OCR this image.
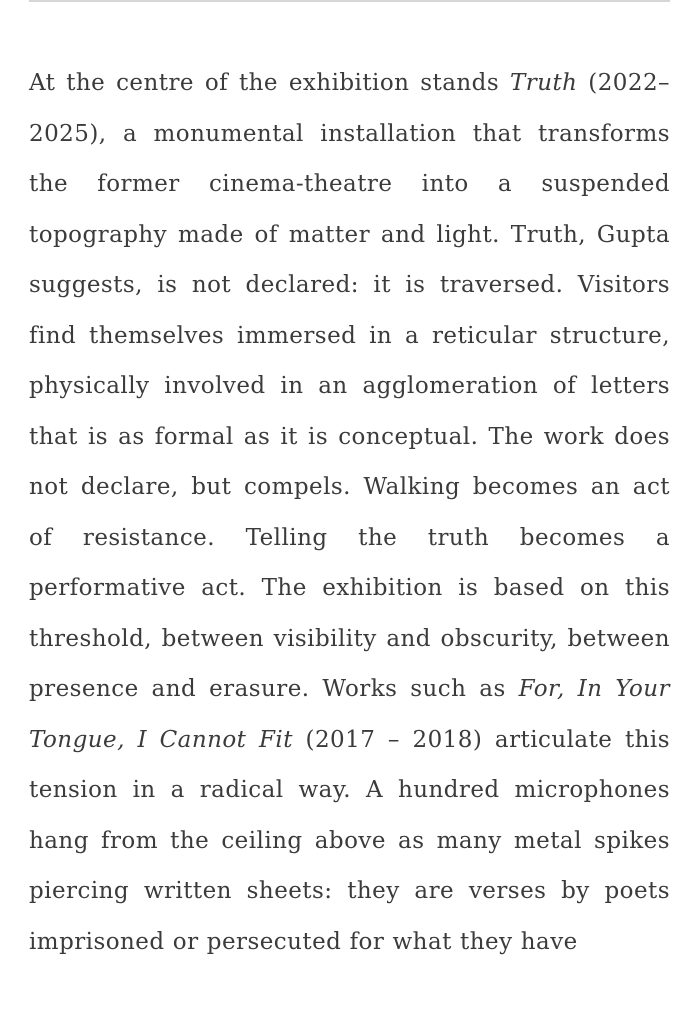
At the centre of the exhibition stands Truth (2022–2025), a monumental installation that transforms the former cinema-theatre into a suspended topography made of matter and light. Truth, Gupta suggests, is not declared: it is traversed. Visitors find themselves immersed in a reticular structure, physically involved in an agglomeration of letters that is as formal as it is conceptual. The work does not declare, but compels. Walking becomes an act of resistance. Telling the truth becomes a performative act. The exhibition is based on this threshold, between visibility and obscurity, between presence and erasure. Works such as For, In Your Tongue, I Cannot Fit (2017 – 2018) articulate this tension in a radical way. A hundred microphones hang from the ceiling above as many metal spikes piercing written sheets: they are verses by poets imprisoned or persecuted for what they have
